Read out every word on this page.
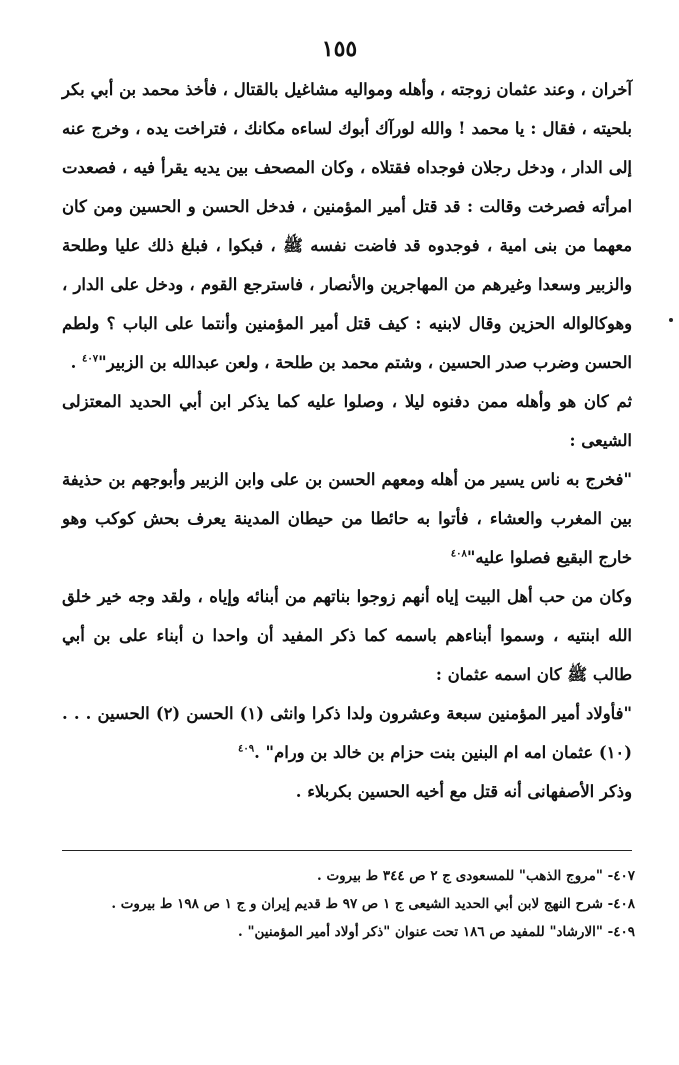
١٥٥

آخران ، وعند عثمان زوجته ، وأهله ومواليه مشاغيل بالقتال ، فأخذ محمد بن أبي بكر بلحيته ، فقال : يا محمد ! والله لورآك أبوك لساءه مكانك ، فتراخت يده ، وخرج عنه إلى الدار ، ودخل رجلان فوجداه فقتلاه ، وكان المصحف بين يديه يقرأ فيه ، فصعدت امرأته فصرخت وقالت : قد قتل أمير المؤمنين ، فدخل الحسن و الحسين ومن كان معهما من بنى امية ، فوجدوه قد فاضت نفسه ﷺ ، فبكوا ، فبلغ ذلك عليا وطلحة والزبير وسعدا وغيرهم من المهاجرين والأنصار ، فاسترجع القوم ، ودخل على الدار ، وهوكالواله الحزين وقال لابنيه : كيف قتل أمير المؤمنين وأنتما على الباب ؟ ولطم الحسن وضرب صدر الحسين ، وشتم محمد بن طلحة ، ولعن عبدالله بن الزبير"$^{٤٠٧}$ .

ثم كان هو وأهله ممن دفنوه ليلا ، وصلوا عليه كما يذكر ابن أبي الحديد المعتزلى الشيعى :

"فخرج به ناس يسير من أهله ومعهم الحسن بن على وابن الزبير وأبوجهم بن حذيفة بين المغرب والعشاء ، فأتوا به حائطا من حيطان المدينة يعرف بحش كوكب وهو خارج البقيع فصلوا عليه"$^{٤٠٨}$

وكان من حب أهل البيت إياه أنهم زوجوا بناتهم من أبنائه وإياه ، ولقد وجه خير خلق الله ابنتيه ، وسموا أبناءهم باسمه كما ذكر المفيد أن واحدا ن أبناء على بن أبي طالب ﷺ كان اسمه عثمان :

"فأولاد أمير المؤمنين سبعة وعشرون ولدا ذكرا وانثى (١) الحسن (٢) الحسين . . . (١٠) عثمان امه ام البنين بنت حزام بن خالد بن ورام" .$^{٤٠٩}$

وذكر الأصفهانى أنه قتل مع أخيه الحسين بكربلاء .

٤٠٧- "مروج الذهب" للمسعودى ج ٢ ص ٣٤٤ ط بيروت .

٤٠٨- شرح النهج لابن أبي الحديد الشيعى ج ١ ص ٩٧ ط قديم إيران و ج ١ ص ١٩٨ ط بيروت .

٤٠٩- "الارشاد" للمفيد ص ١٨٦ تحت عنوان "ذكر أولاد أمير المؤمنين" .
